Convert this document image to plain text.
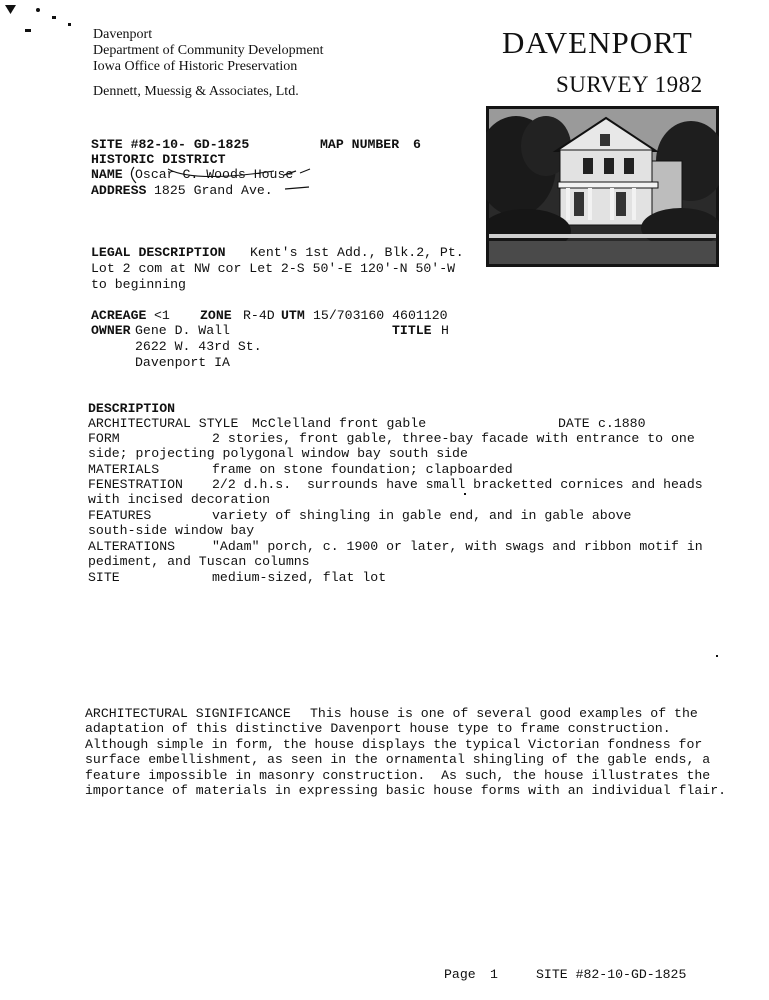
Davenport
Department of Community Development
Iowa Office of Historic Preservation
Dennett, Muessig & Associates, Ltd.
DAVENPORT
SURVEY 1982
SITE #82-10- GD-1825	MAP NUMBER 6
HISTORIC DISTRICT
NAME Oscar C. Woods House
ADDRESS 1825 Grand Ave.
LEGAL DESCRIPTION Kent's 1st Add., Blk.2, Pt.
Lot 2 com at NW cor Let 2-S 50'-E 120'-N 50'-W
to beginning
ACREAGE <1 ZONE R-4D UTM 15/703160 4601120
OWNER Gene D. Wall	TITLE H
2622 W. 43rd St.
Davenport IA
DESCRIPTION
ARCHITECTURAL STYLE McClelland front gable	DATE c.1880
FORM	2 stories, front gable, three-bay facade with entrance to one
side; projecting polygonal window bay south side
MATERIALS	frame on stone foundation; clapboarded
FENESTRATION 2/2 d.h.s.  surrounds have small bracketted cornices and heads
with incised decoration
FEATURES	variety of shingling in gable end, and in gable above
south-side window bay
ALTERATIONS	"Adam" porch, c. 1900 or later, with swags and ribbon motif in
pediment, and Tuscan columns
SITE	medium-sized, flat lot
ARCHITECTURAL SIGNIFICANCE This house is one of several good examples of the
adaptation of this distinctive Davenport house type to frame construction.
Although simple in form, the house displays the typical Victorian fondness for
surface embellishment, as seen in the ornamental shingling of the gable ends, a
feature impossible in masonry construction.  As such, the house illustrates the
importance of materials in expressing basic house forms with an individual flair.
Page 1	SITE #82-10-GD-1825
